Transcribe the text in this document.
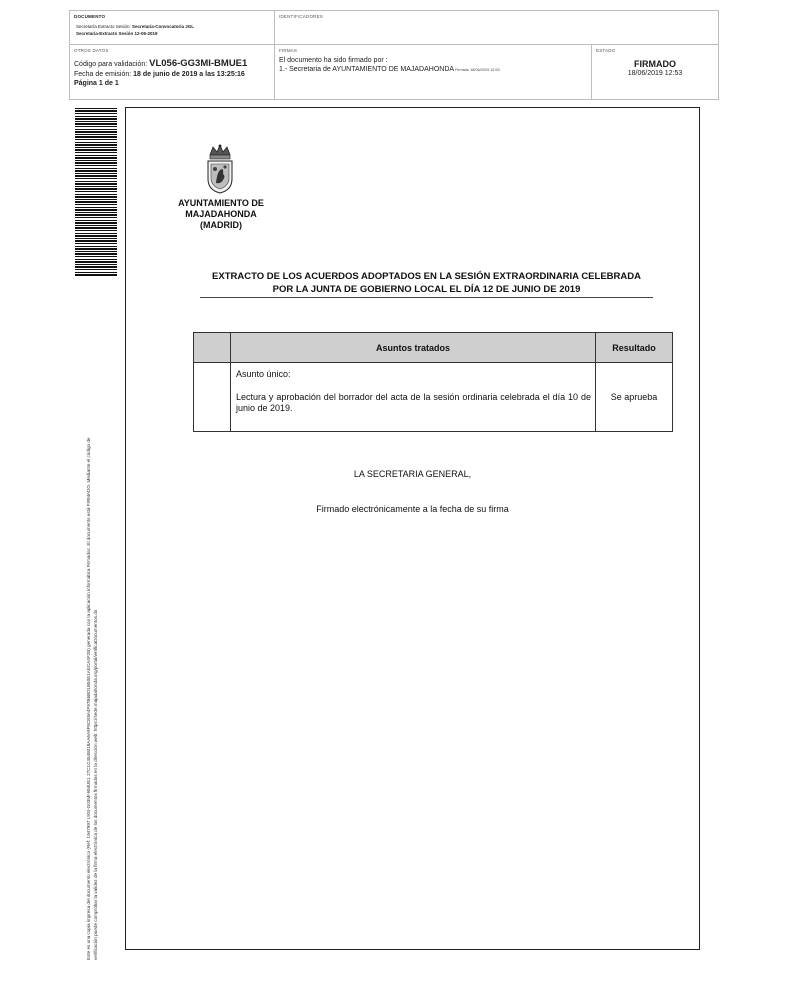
DOCUMENTO
Secretaría Extracto Sesión: Secretaría-Convocatoria JGL
Secretaría-Extracto Sesión 12-06-2019
IDENTIFICADORES
OTROS DATOS
Código para validación: VL056-GG3MI-BMUE1
Fecha de emisión: 18 de junio de 2019 a las 13:25:16
Página 1 de 1
FIRMAS
El documento ha sido firmado por :
1.- Secretaria de AYUNTAMIENTO DE MAJADAHONDA Firmado 18/06/2019 12:53
ESTADO
FIRMADO
18/06/2019 12:53
Este es una copia impresa del documento electrónico (Ref: 1947997 L9SI-G03MI-BMUE1 27C1C4548018AA6A9F5CE8A4F97B6BD1B50E1AECA4F2B) generada con la aplicación informática Firmadoc. El documento está FIRMADO. Mediante el código de verificación puede comprobar la validez de la firma electrónica de los documentos firmados en la dirección web: https://sede.majadahonda.org/portal/verificaDocumentos.do
AYUNTAMIENTO DE
MAJADAHONDA
(MADRID)
EXTRACTO DE LOS ACUERDOS ADOPTADOS EN LA SESIÓN EXTRAORDINARIA CELEBRADA
POR LA JUNTA DE GOBIERNO LOCAL EL DÍA 12 DE JUNIO DE 2019
	Asuntos tratados	Resultado

	Asunto único:
Lectura y aprobación del borrador del acta de la sesión ordinaria celebrada el día 10 de junio de 2019.	Se aprueba
LA SECRETARIA GENERAL,
Firmado electrónicamente a la fecha de su firma
